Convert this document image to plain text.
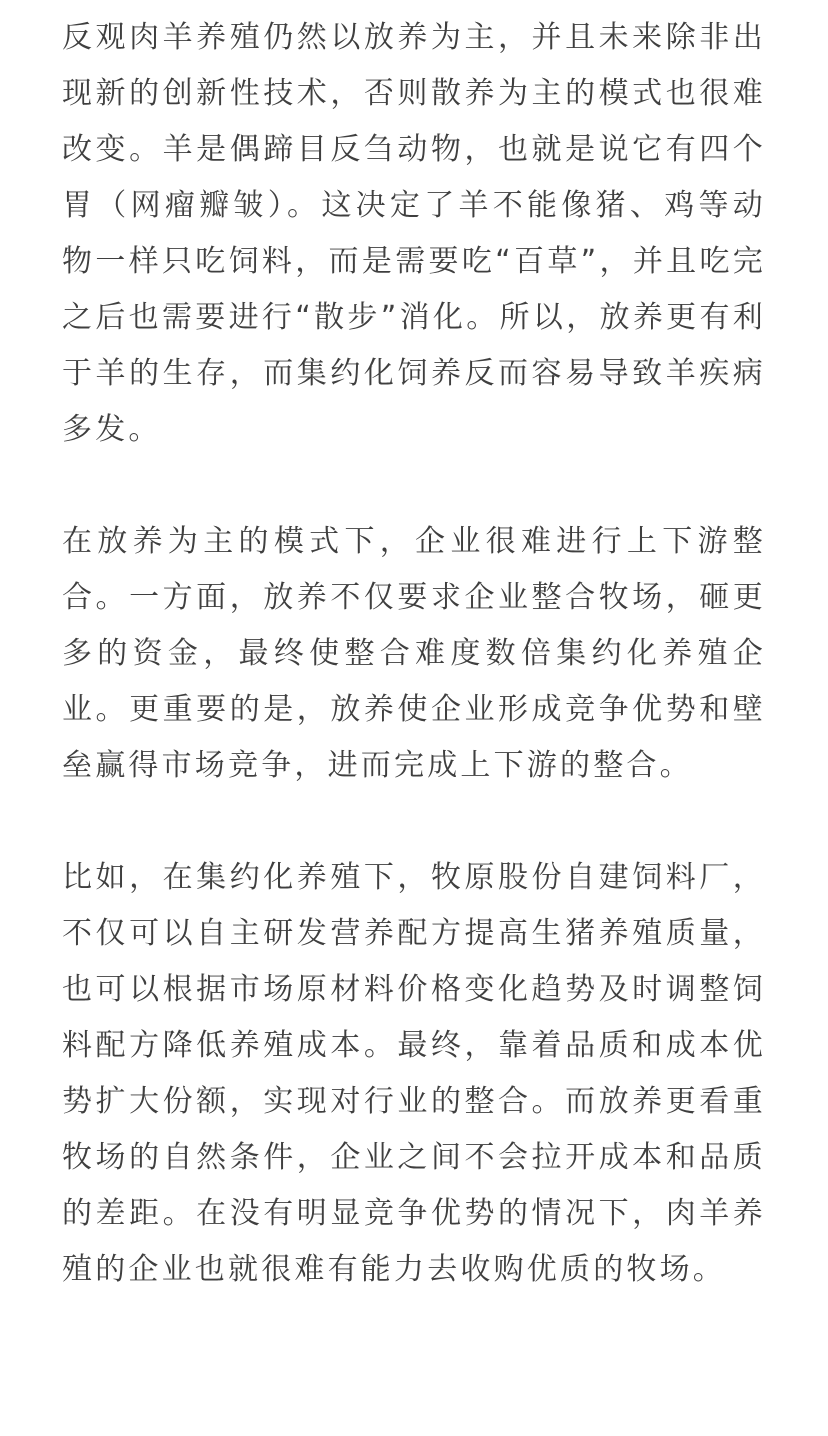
反观肉羊养殖仍然以放养为主，并且未来除非出现新的创新性技术，否则散养为主的模式也很难改变。羊是偶蹄目反刍动物，也就是说它有四个胃（网瘤瓣皱）。这决定了羊不能像猪、鸡等动物一样只吃饲料，而是需要吃“百草”，并且吃完之后也需要进行“散步”消化。所以，放养更有利于羊的生存，而集约化饲养反而容易导致羊疾病多发。

在放养为主的模式下，企业很难进行上下游整合。一方面，放养不仅要求企业整合牧场，砸更多的资金，最终使整合难度数倍集约化养殖企业。更重要的是，放养使企业形成竞争优势和壁垒赢得市场竞争，进而完成上下游的整合。

比如，在集约化养殖下，牧原股份自建饲料厂，不仅可以自主研发营养配方提高生猪养殖质量，也可以根据市场原材料价格变化趋势及时调整饲料配方降低养殖成本。最终，靠着品质和成本优势扩大份额，实现对行业的整合。而放养更看重牧场的自然条件，企业之间不会拉开成本和品质的差距。在没有明显竞争优势的情况下，肉羊养殖的企业也就很难有能力去收购优质的牧场。
